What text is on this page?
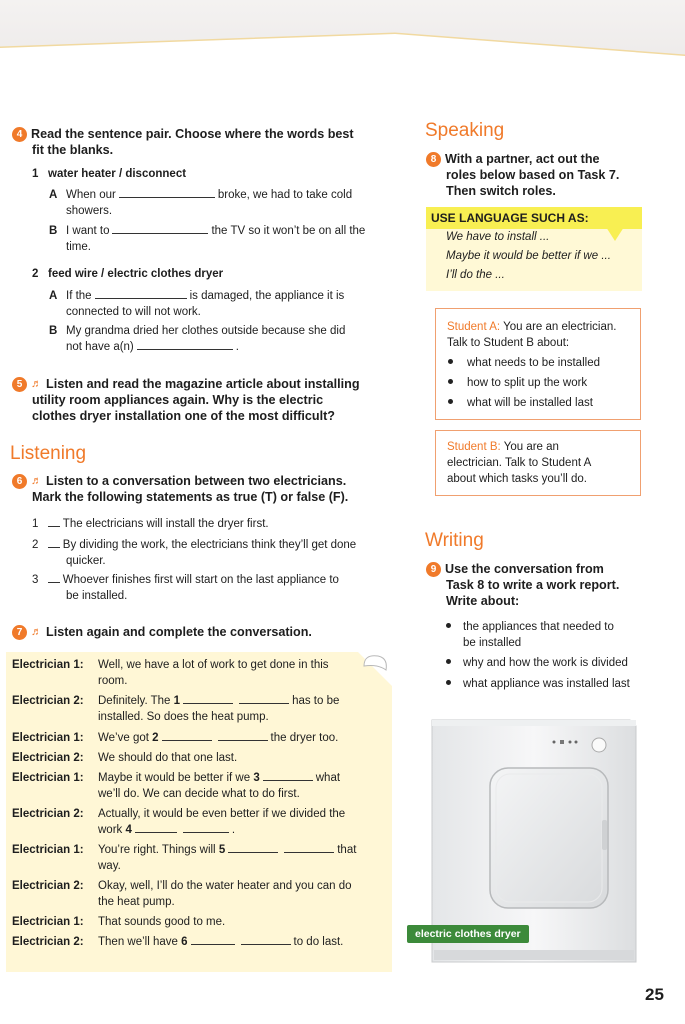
4 Read the sentence pair. Choose where the words best
fit the blanks.
1 water heater / disconnect
A When our	broke, we had to take cold
showers.
B I want to	the TV so it won’t be on all the
time.
2 feed wire / electric clothes dryer
A If the	is damaged, the appliance it is
connected to will not work.
B My grandma dried her clothes outside because she did
not have a(n)	.
5 ♬ Listen and read the magazine article about installing
utility room appliances again. Why is the electric
clothes dryer installation one of the most difficult?
Listening
6 ♬ Listen to a conversation between two electricians.
Mark the following statements as true (T) or false (F).
1 The electricians will install the dryer first.
2 By dividing the work, the electricians think they’ll get done
quicker.
3 Whoever finishes first will start on the last appliance to
be installed.
7 ♬ Listen again and complete the conversation.
Electrician 1: Well, we have a lot of work to get done in this
room.
Electrician 2: Definitely. The 1	has to be
installed. So does the heat pump.
Electrician 1: We’ve got 2	the dryer too.
Electrician 2: We should do that one last.
Electrician 1: Maybe it would be better if we 3	what
we’ll do. We can decide what to do first.
Electrician 2: Actually, it would be even better if we divided the
work 4	.
Electrician 1: You’re right. Things will 5	that
way.
Electrician 2: Okay, well, I’ll do the water heater and you can do
the heat pump.
Electrician 1: That sounds good to me.
Electrician 2: Then we’ll have 6	to do last.
Speaking
8 With a partner, act out the
roles below based on Task 7.
Then switch roles.
USE LANGUAGE SUCH AS:
We have to install ...
Maybe it would be better if we ...
I’ll do the ...
Student A: You are an electrician.
Talk to Student B about:
what needs to be installed
how to split up the work
what will be installed last
Student B: You are an
electrician. Talk to Student A
about which tasks you’ll do.
Writing
9 Use the conversation from
Task 8 to write a work report.
Write about:
the appliances that needed to
be installed
why and how the work is divided
what appliance was installed last
electric clothes dryer
25
